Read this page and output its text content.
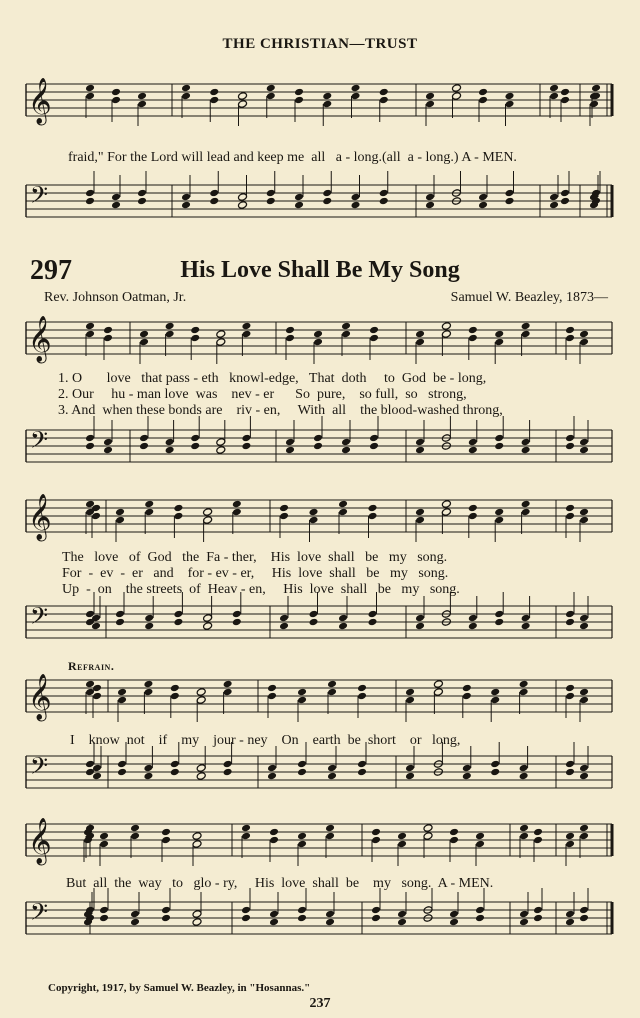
THE CHRISTIAN—TRUST
𝄞
𝄢
𝄞
𝄢
𝄞
𝄢
𝄞
𝄢
𝄞
𝄢
fraid," For the Lord will lead and keep me  all   a - long.(all  a - long.) A - MEN.
297	His Love Shall Be My Song
Rev. Johnson Oatman, Jr.	Samuel W. Beazley, 1873—
1. O       love   that pass - eth   knowl-edge,   That  doth     to  God  be - long,
2. Our     hu - man love  was    nev - er      So  pure,    so full,  so   strong,
3. And  when these bonds are    riv - en,     With  all    the blood-washed throng,
The   love   of  God   the  Fa - ther,    His  love  shall   be   my   song.
For  -  ev  -  er   and    for - ev - er,     His  love  shall   be   my   song.
Up  -  on    the streets  of  Heav - en,     His  love  shall   be   my   song.
Refrain.
I    know  not    if    my    jour - ney    On    earth  be  short    or   long,
But  all  the  way   to   glo - ry,     His  love  shall  be    my   song.  A - MEN.
Copyright, 1917, by Samuel W. Beazley, in "Hosannas."
237
